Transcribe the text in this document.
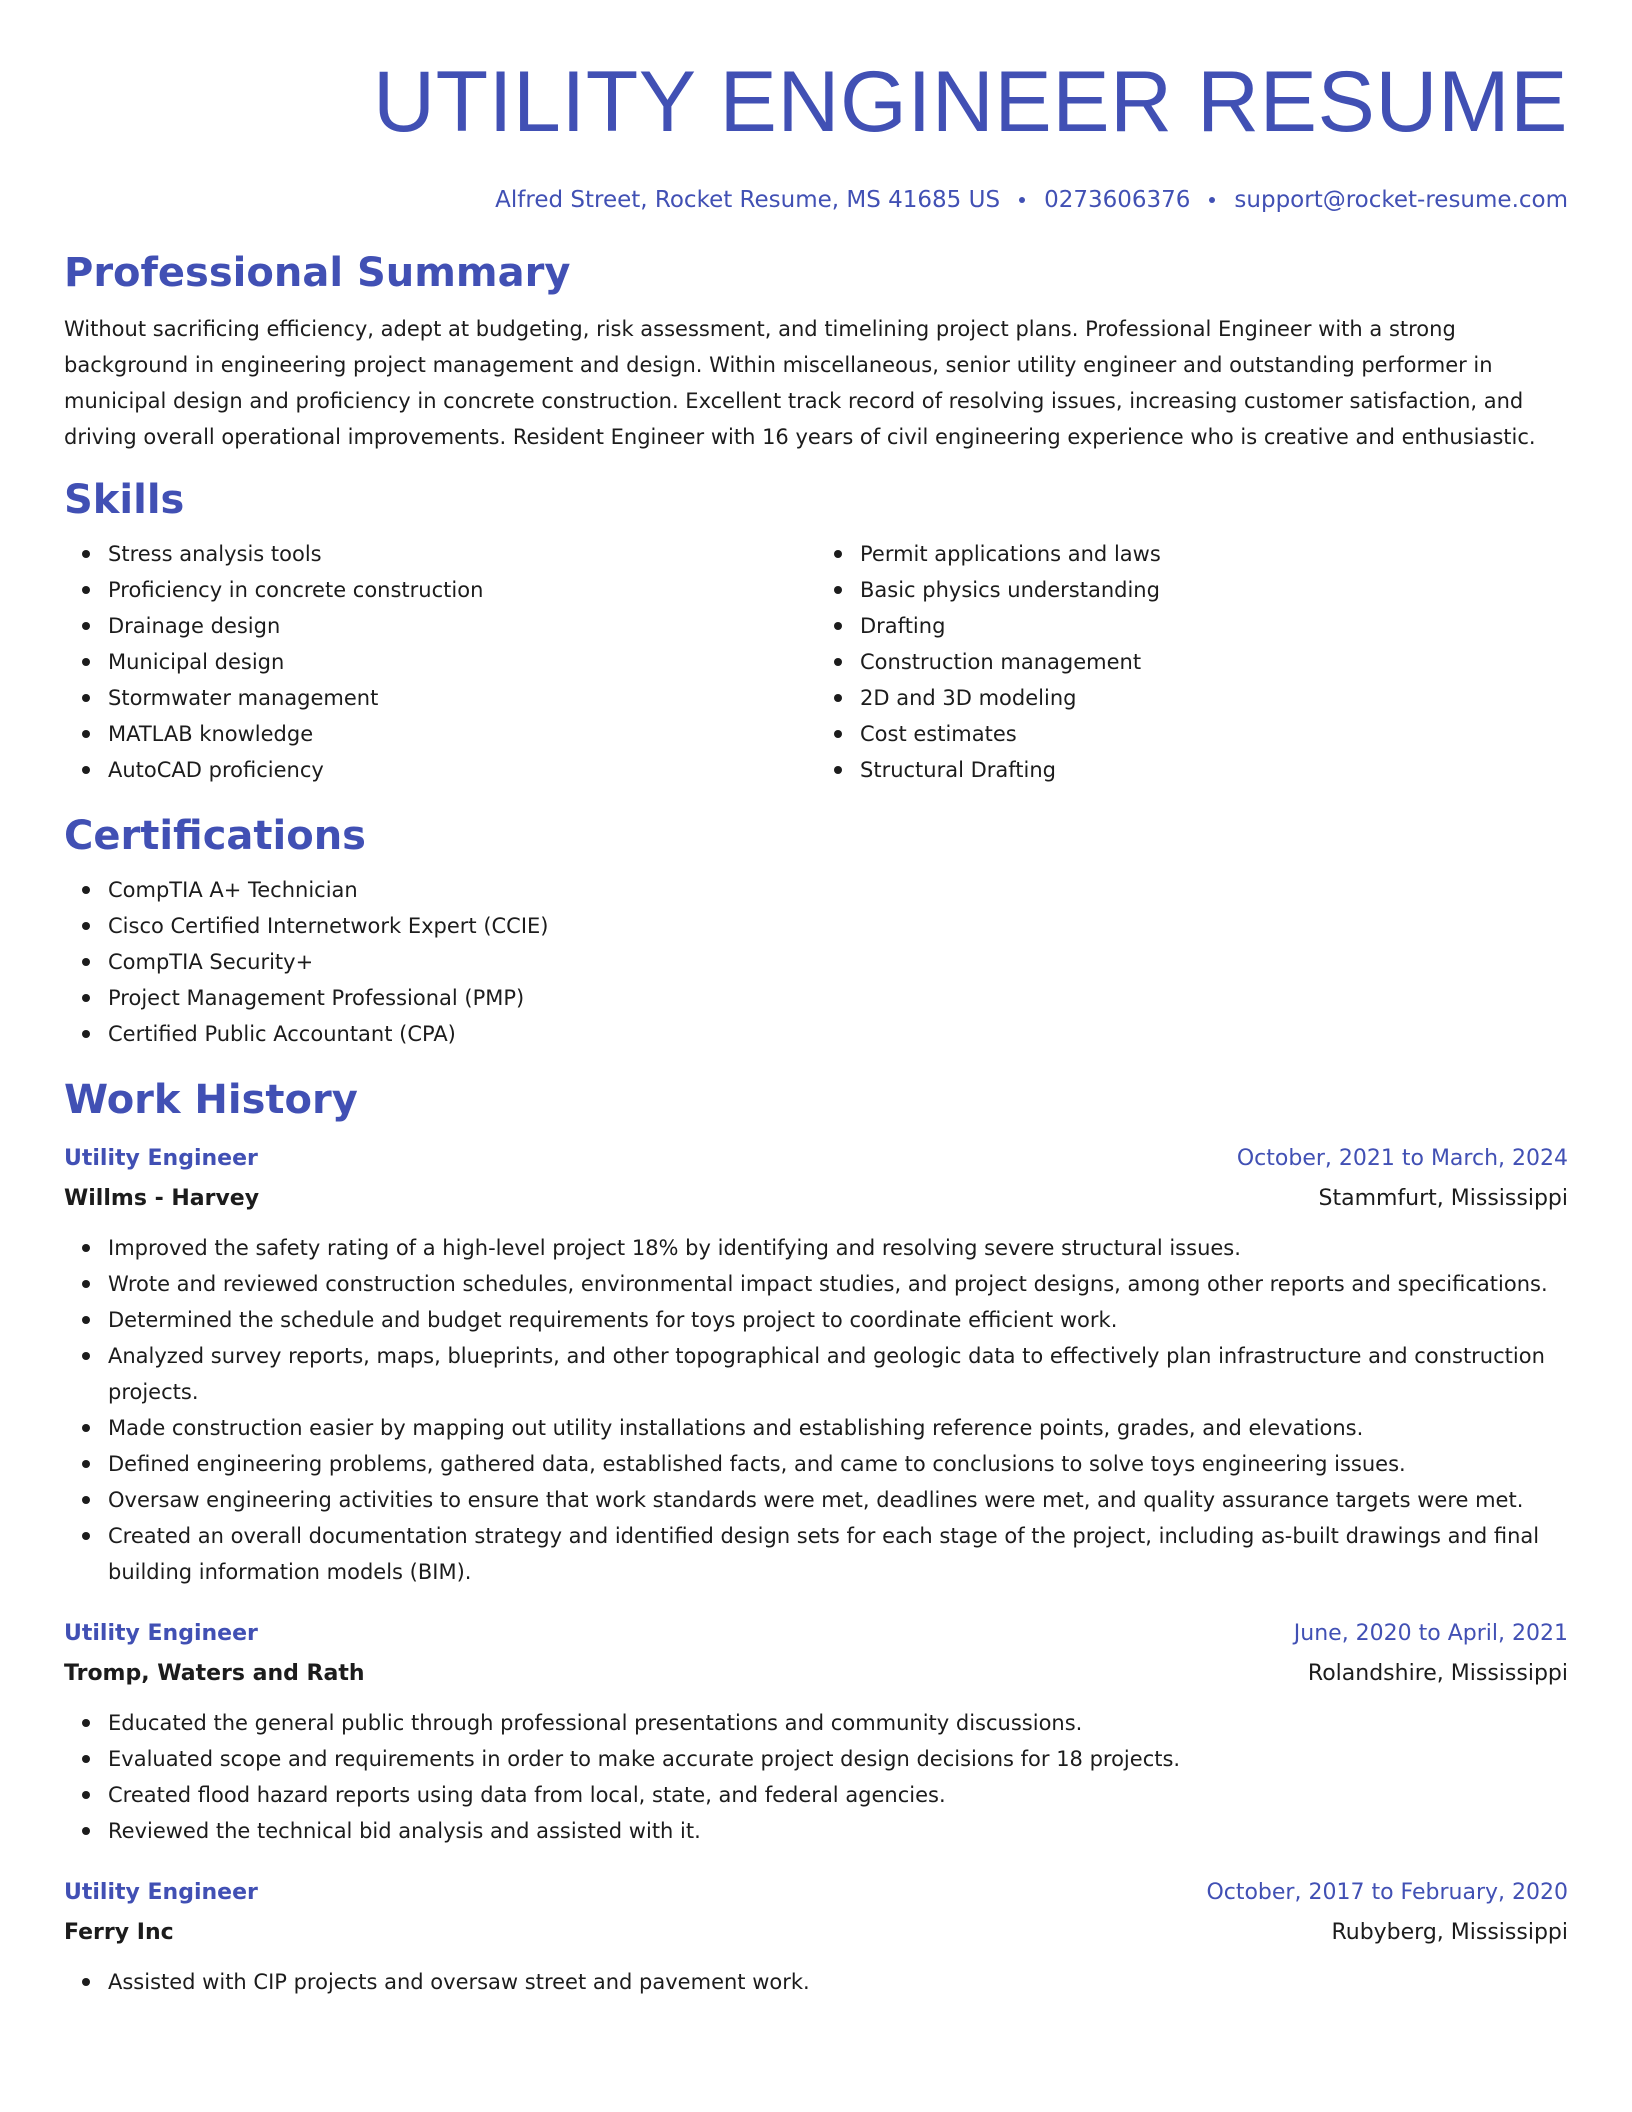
UTILITY ENGINEER RESUME
Alfred Street, Rocket Resume, MS 41685 US 0273606376 support@rocket-resume.com
Professional Summary

Without sacrificing efficiency, adept at budgeting, risk assessment, and timelining project plans. Professional Engineer with a strong background in engineering project management and design. Within miscellaneous, senior utility engineer and outstanding performer in municipal design and proficiency in concrete construction. Excellent track record of resolving issues, increasing customer satisfaction, and driving overall operational improvements. Resident Engineer with 16 years of civil engineering experience who is creative and enthusiastic.

Skills
Stress analysis tools
Proficiency in concrete construction
Drainage design
Municipal design
Stormwater management
MATLAB knowledge
AutoCAD proficiency
Permit applications and laws
Basic physics understanding
Drafting
Construction management
2D and 3D modeling
Cost estimates
Structural Drafting
Certifications
CompTIA A+ Technician
Cisco Certified Internetwork Expert (CCIE)
CompTIA Security+
Project Management Professional (PMP)
Certified Public Accountant (CPA)
Work History
Utility Engineer	October, 2021 to March, 2024
Willms - Harvey	Stammfurt, Mississippi
Improved the safety rating of a high-level project 18% by identifying and resolving severe structural issues.
Wrote and reviewed construction schedules, environmental impact studies, and project designs, among other reports and specifications.
Determined the schedule and budget requirements for toys project to coordinate efficient work.
Analyzed survey reports, maps, blueprints, and other topographical and geologic data to effectively plan infrastructure and construction projects.
Made construction easier by mapping out utility installations and establishing reference points, grades, and elevations.
Defined engineering problems, gathered data, established facts, and came to conclusions to solve toys engineering issues.
Oversaw engineering activities to ensure that work standards were met, deadlines were met, and quality assurance targets were met.
Created an overall documentation strategy and identified design sets for each stage of the project, including as-built drawings and final building information models (BIM).
Utility Engineer	June, 2020 to April, 2021
Tromp, Waters and Rath	Rolandshire, Mississippi
Educated the general public through professional presentations and community discussions.
Evaluated scope and requirements in order to make accurate project design decisions for 18 projects.
Created flood hazard reports using data from local, state, and federal agencies.
Reviewed the technical bid analysis and assisted with it.
Utility Engineer	October, 2017 to February, 2020
Ferry Inc	Rubyberg, Mississippi
Assisted with CIP projects and oversaw street and pavement work.
